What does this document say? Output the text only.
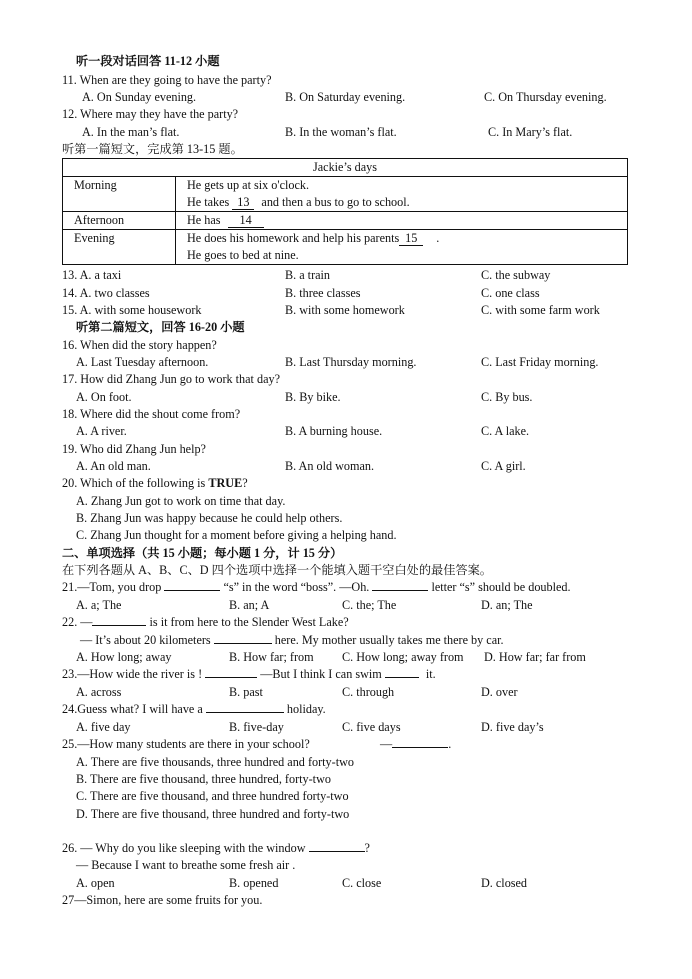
听一段对话回答 11-12 小题
11. When are they going to have the party?
A. On Sunday evening.	B. On Saturday evening.	C. On Thursday evening.
12. Where may they have the party?
A. In the man’s flat.	B. In the woman’s flat.	C. In Mary’s flat.
听第一篇短文，完成第 13-15 题。
Jackie’s days	
Morning	He gets up at six o'clock.
He takes 13 and then a bus to go to school.

Afternoon	He has 14
Evening	He does his homework and help his parents 15 .
He goes to bed at nine.
13. A. a taxi	B. a train	C. the subway
14. A. two classes	B. three classes	C. one class
15. A. with some housework	B. with some homework	C. with some farm work
听第二篇短文，回答 16-20 小题
16. When did the story happen?
A. Last Tuesday afternoon.	B. Last Thursday morning.	C. Last Friday morning.
17. How did Zhang Jun go to work that day?
A. On foot.	B. By bike.	C. By bus.
18. Where did the shout come from?
A. A river.	B. A burning house.	C. A lake.
19. Who did Zhang Jun help?
A. An old man.	B. An old woman.	C. A girl.
20. Which of the following is TRUE?
A. Zhang Jun got to work on time that day.
B. Zhang Jun was happy because he could help others.
C. Zhang Jun thought for a moment before giving a helping hand.
二、单项选择（共 15 小题；每小题 1 分，计 15 分）
在下列各题从 A、B、C、D 四个选项中选择一个能填入题干空白处的最佳答案。
21.—Tom, you drop	“s” in the word “boss”. —Oh.	letter “s” should be doubled.
A. a; The	B. an; A	C. the; The	D. an; The
22. —	is it from here to the Slender West Lake?
— It’s about 20 kilometers	here. My mother usually takes me there by car.
A. How long; away	B. How far; from C. How long; away from D. How far; far from
23.—How wide the river is !	—But I think I can swim	it.
A. across	B. past	C. through	D. over
24.Guess what? I will have a	holiday.
A. five day	B. five-day	C. five days	D. five day’s
25.—How many students are there in your school?	—	.
A. There are five thousands, three hundred and forty-two
B. There are five thousand, three hundred, forty-two
C. There are five thousand, and three hundred forty-two
D. There are five thousand, three hundred and forty-two
26. — Why do you like sleeping with the window	?
— Because I want to breathe some fresh air .
A. open	B. opened	C. close	D. closed
27—Simon, here are some fruits for you.
